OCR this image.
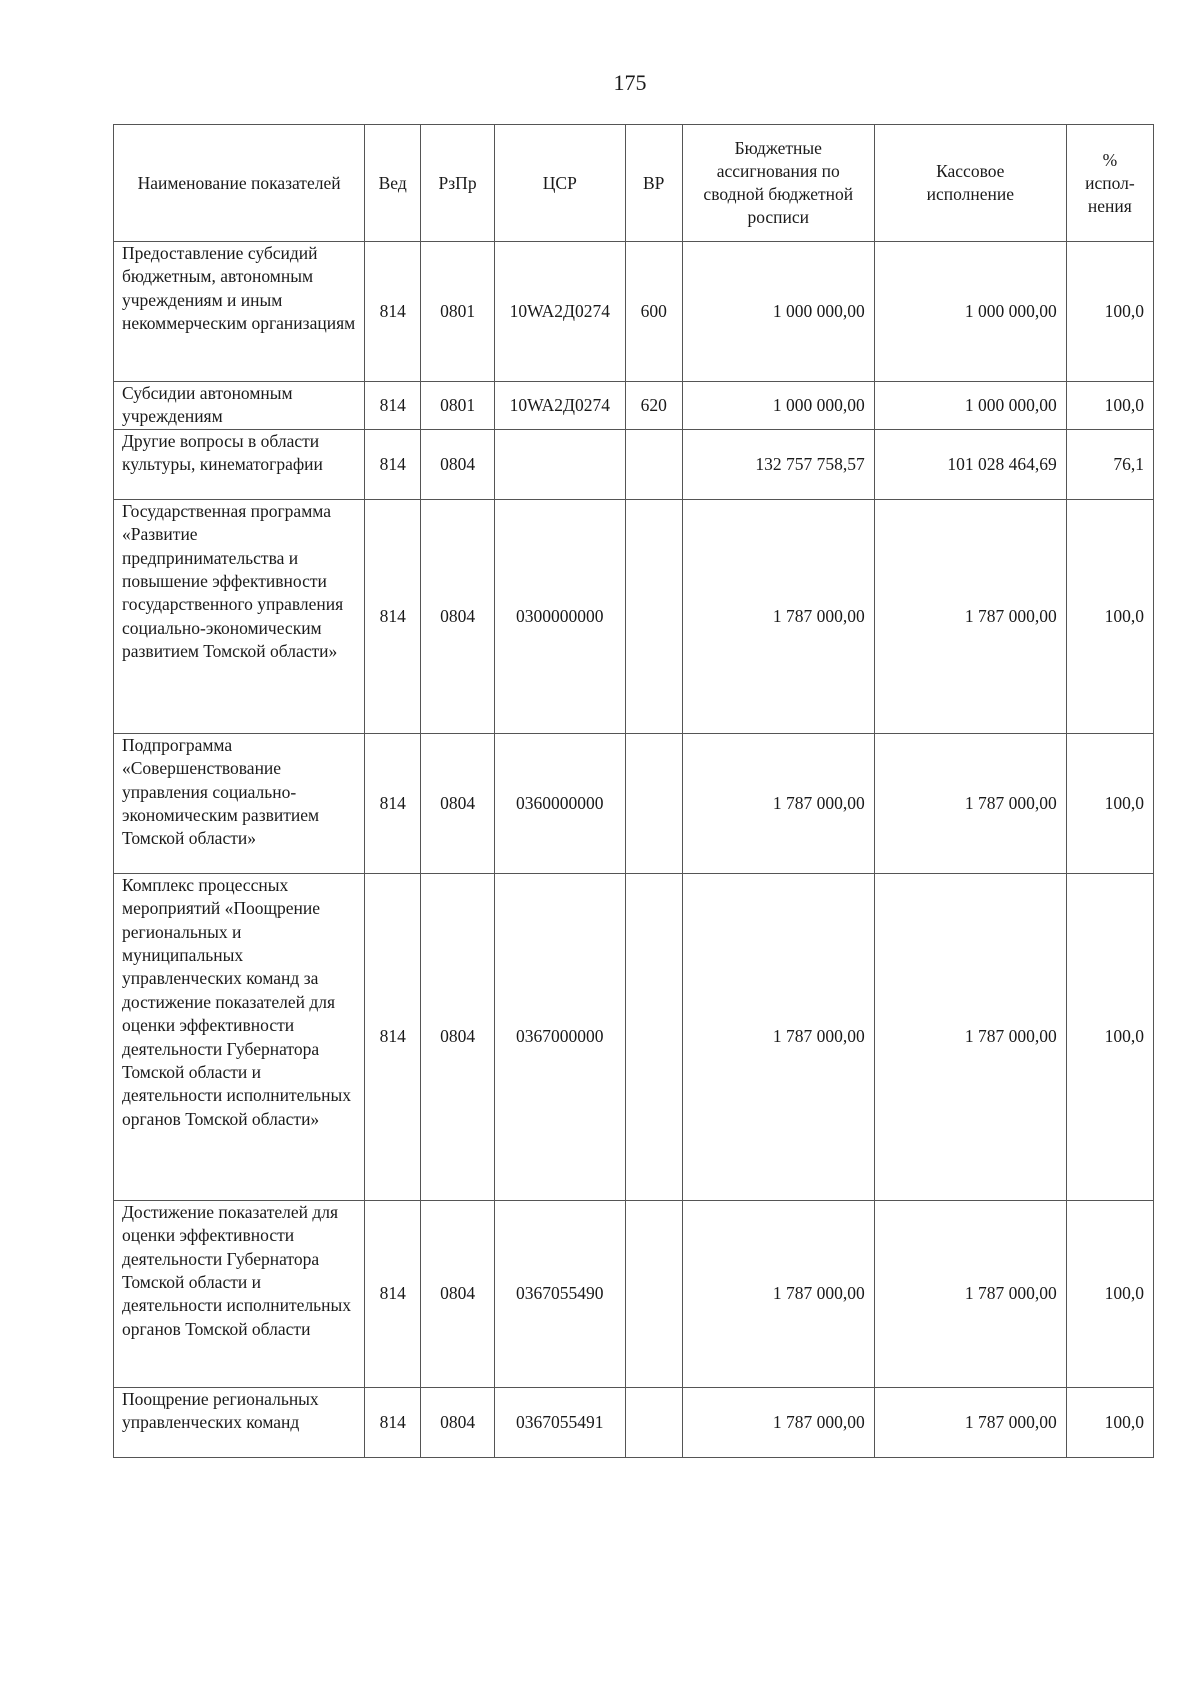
175
Наименование показателей	Вед	РзПр	ЦСР	ВР	Бюджетные ассигнования по сводной бюджетной росписи	Кассовое исполнение	% испол-нения
Предоставление субсидий бюджетным, автономным учреждениям и иным некоммерческим организациям	814	0801	10WA2Д0274	600	1 000 000,00	1 000 000,00	100,0
Субсидии автономным учреждениям	814	0801	10WA2Д0274	620	1 000 000,00	1 000 000,00	100,0
Другие вопросы в области культуры, кинематографии	814	0804			132 757 758,57	101 028 464,69	76,1
Государственная программа «Развитие предпринимательства и повышение эффективности государственного управления социально-экономическим развитием Томской области»	814	0804	0300000000		1 787 000,00	1 787 000,00	100,0
Подпрограмма «Совершенствование управления социально-экономическим развитием Томской области»	814	0804	0360000000		1 787 000,00	1 787 000,00	100,0
Комплекс процессных мероприятий «Поощрение региональных и муниципальных управленческих команд за достижение показателей для оценки эффективности деятельности Губернатора Томской области и деятельности исполнительных органов Томской области»	814	0804	0367000000		1 787 000,00	1 787 000,00	100,0
Достижение показателей для оценки эффективности деятельности Губернатора Томской области и деятельности исполнительных органов Томской области	814	0804	0367055490		1 787 000,00	1 787 000,00	100,0
Поощрение региональных управленческих команд	814	0804	0367055491		1 787 000,00	1 787 000,00	100,0
